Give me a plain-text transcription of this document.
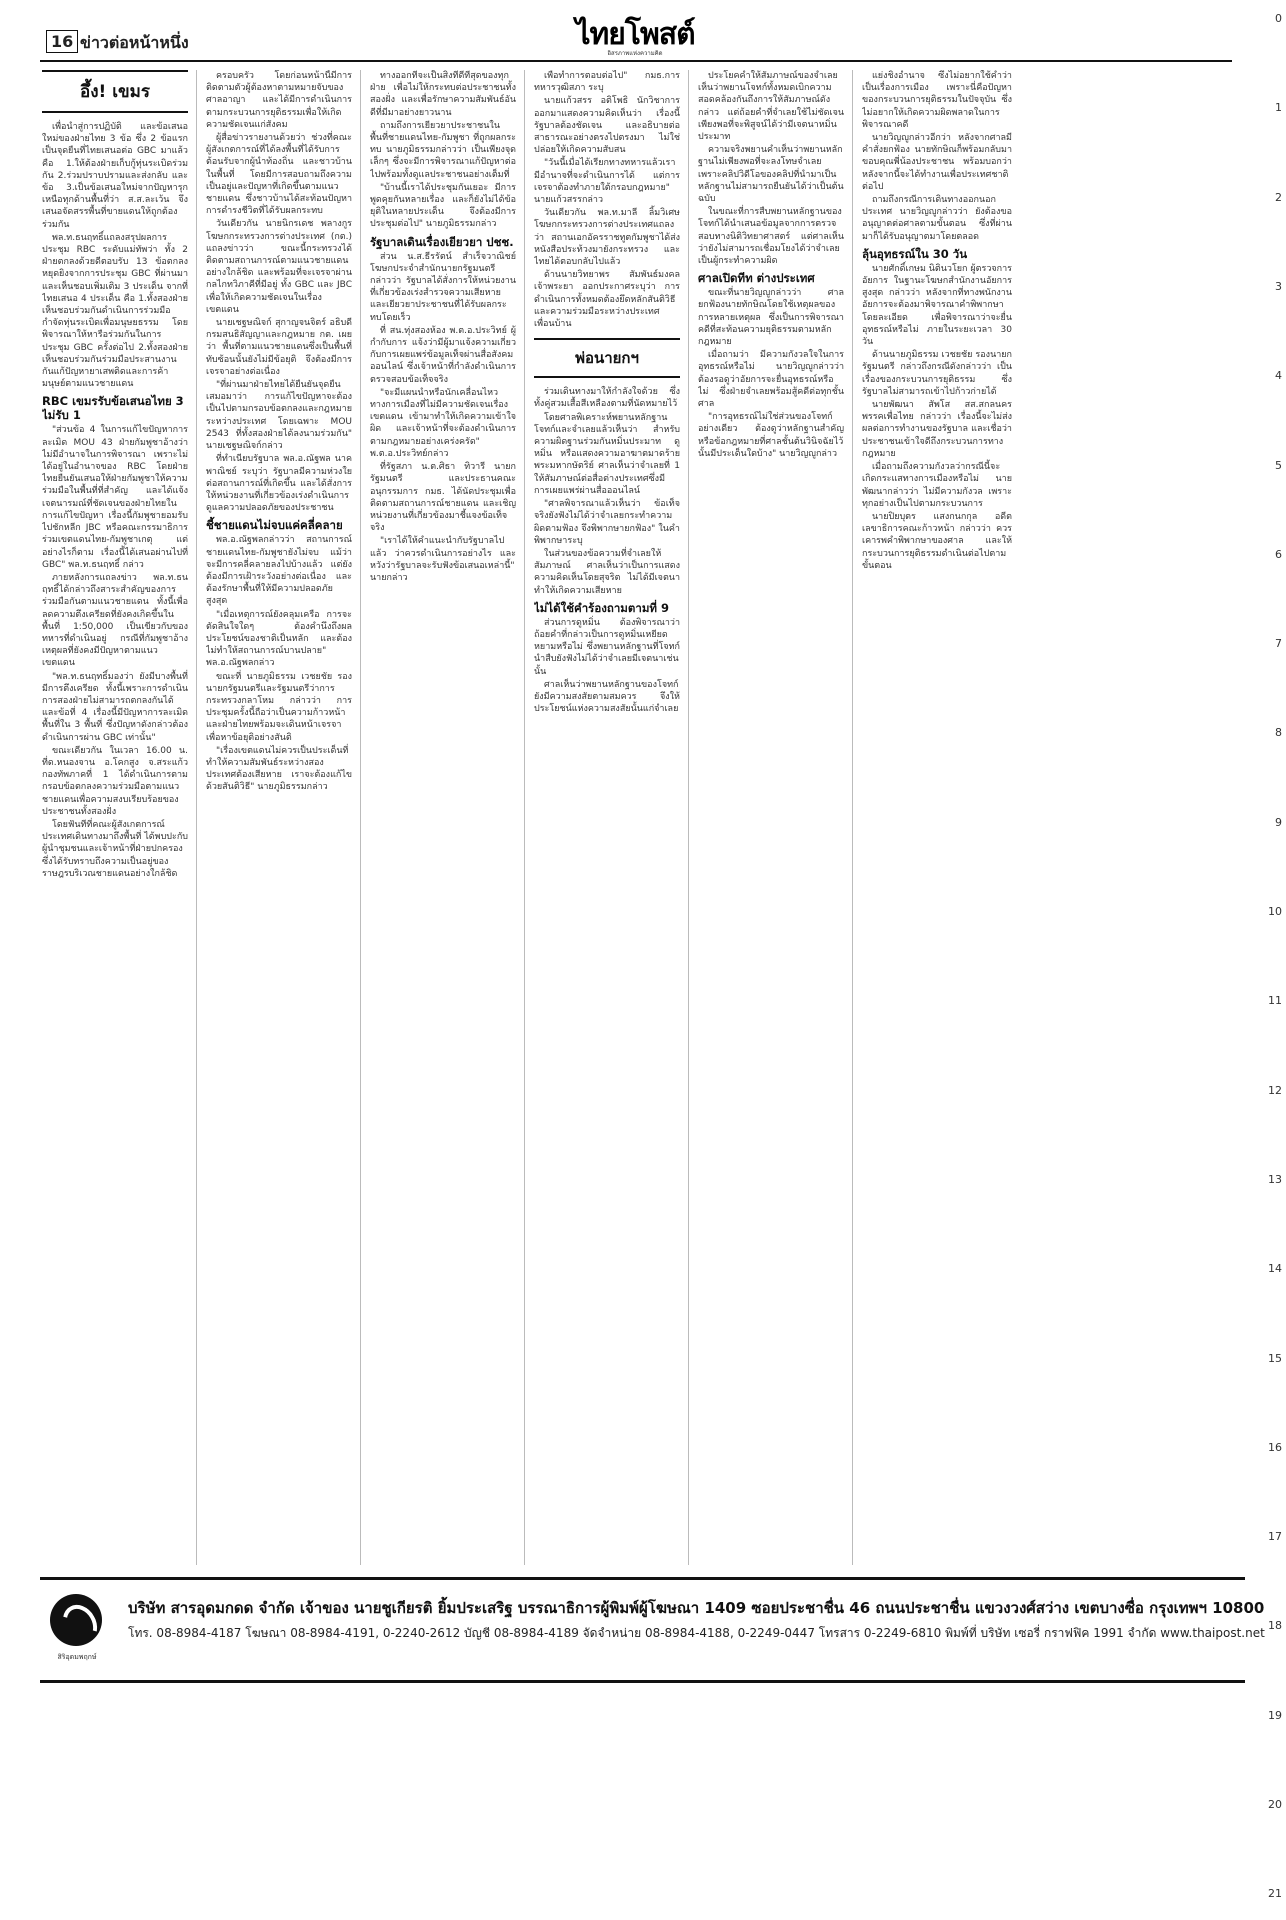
16 ข่าวต่อหน้าหนึ่ง	ไทยโพสต์
อิสรภาพแห่งความคิด
0
1
2
3
4
5
6
7
8
9
10
11
12
13
14
15
16
17
18
19
20
21
อึ้ง! เขมร

เพื่อนำสู่การปฏิบัติ และข้อเสนอใหม่ของฝ่ายไทย 3 ข้อ ซึ่ง 2 ข้อแรกเป็นจุดยืนที่ไทยเสนอต่อ GBC มาแล้ว คือ 1.ให้ต้องฝ่ายเก็บกู้ทุ่นระเบิดร่วมกัน 2.ร่วมปราบปรามและส่งกลับ และข้อ 3.เป็นข้อเสนอใหม่จากปัญหารุกเหนือทุกด้านพื้นที่ว่า ส.ส.ละเว้น จึงเสนอจัดสรรพื้นที่ขายแดนให้ถูกต้องร่วมกัน

พล.ท.ธนฤทธิ์แถลงสรุปผลการประชุม RBC ระดับแม่ทัพว่า ทั้ง 2 ฝ่ายตกลงด้วยดีตอบรับ 13 ข้อตกลงหยุดยิงจากการประชุม GBC ที่ผ่านมา และเห็นชอบเพิ่มเติม 3 ประเด็น จากที่ไทยเสนอ 4 ประเด็น คือ 1.ทั้งสองฝ่ายเห็นชอบร่วมกันดำเนินการร่วมมือกำจัดทุ่นระเบิดเพื่อมนุษยธรรม โดยพิจารณาให้หารือร่วมกันในการประชุม GBC ครั้งต่อไป 2.ทั้งสองฝ่ายเห็นชอบร่วมกันร่วมมือประสานงานกันแก้ปัญหายาเสพติดและการค้ามนุษย์ตามแนวชายแดน

RBC เขมรรับข้อเสนอไทย 3 ไม่รับ 1

"ส่วนข้อ 4 ในการแก้ไขปัญหาการละเมิด MOU 43 ฝ่ายกัมพูชาอ้างว่าไม่มีอำนาจในการพิจารณา เพราะไม่ได้อยู่ในอำนาจของ RBC โดยฝ่ายไทยยืนยันเสนอให้ฝ่ายกัมพูชาให้ความร่วมมือในพื้นที่ที่สำคัญ และได้แจ้งเจตนารมณ์ที่ชัดเจนของฝ่ายไทยในการแก้ไขปัญหา เรื่องนี้กัมพูชายอมรับไปชักหลีก JBC หรือคณะกรรมาธิการร่วมเขตแดนไทย-กัมพูชาเกตุ แต่อย่างไรก็ตาม เรื่องนี้ได้เสนอผ่านไปที่ GBC" พล.ท.ธนฤทธิ์ กล่าว

ภายหลังการแถลงข่าว พล.ท.ธนฤทธิ์ได้กล่าวถึงสาระสำคัญของการร่วมมือกันตามแนวชายแดน ทั้งนี้เพื่อลดความตึงเครียดที่ยังคงเกิดขึ้นในพื้นที่ 1:50,000 เป็นเขียวกับของทหารที่ดำเนินอยู่ กรณีที่กัมพูชาอ้างเหตุผลที่ยังคงมีปัญหาตามแนวเขตแดน

"พล.ท.ธนฤทธิ์มองว่า ยังมีบางพื้นที่มีการตึงเครียด ทั้งนี้เพราะการดำเนินการสองฝ่ายไม่สามารถตกลงกันได้ และข้อที่ 4 เรื่องนี้มีปัญหาการละเมิดพื้นที่ใน 3 พื้นที่ ซึ่งปัญหาดังกล่าวต้องดำเนินการผ่าน GBC เท่านั้น"

ขณะเดียวกัน ในเวลา 16.00 น. ที่ด.หนองจาน อ.โคกสูง จ.สระแก้ว กองทัพภาคที่ 1 ได้ดำเนินการตามกรอบข้อตกลงความร่วมมือตามแนวชายแดนเพื่อความสงบเรียบร้อยของประชาชนทั้งสองฝั่ง

โดยฟันทีที่คณะผู้สังเกตการณ์ประเทศเดินทางมาถึงพื้นที่ ได้พบปะกับผู้นำชุมชนและเจ้าหน้าที่ฝ่ายปกครอง ซึ่งได้รับทราบถึงความเป็นอยู่ของราษฎรบริเวณชายแดนอย่างใกล้ชิด

ครอบครัว โดยก่อนหน้านี้มีการติดตามตัวผู้ต้องหาตามหมายจับของศาลอาญา และได้มีการดำเนินการตามกระบวนการยุติธรรมเพื่อให้เกิดความชัดเจนแก่สังคม

ผู้สื่อข่าวรายงานด้วยว่า ช่วงที่คณะผู้สังเกตการณ์ที่ได้ลงพื้นที่ได้รับการต้อนรับจากผู้นำท้องถิ่น และชาวบ้านในพื้นที่ โดยมีการสอบถามถึงความเป็นอยู่และปัญหาที่เกิดขึ้นตามแนวชายแดน ซึ่งชาวบ้านได้สะท้อนปัญหาการดำรงชีวิตที่ได้รับผลกระทบ

วันเดียวกัน นายนิกรเดช พลางกูร โฆษกกระทรวงการต่างประเทศ (กต.) แถลงข่าวว่า ขณะนี้กระทรวงได้ติดตามสถานการณ์ตามแนวชายแดนอย่างใกล้ชิด และพร้อมที่จะเจรจาผ่านกลไกทวิภาคีที่มีอยู่ ทั้ง GBC และ JBC เพื่อให้เกิดความชัดเจนในเรื่องเขตแดน

นายเชฐษณิจก์ สุกาญจนจิตร์ อธิบดีกรมสนธิสัญญาและกฎหมาย กต. เผยว่า พื้นที่ตามแนวชายแดนซึ่งเป็นพื้นที่ทับซ้อนนั้นยังไม่มีข้อยุติ จึงต้องมีการเจรจาอย่างต่อเนื่อง

"ที่ผ่านมาฝ่ายไทยได้ยืนยันจุดยืนเสมอมาว่า การแก้ไขปัญหาจะต้องเป็นไปตามกรอบข้อตกลงและกฎหมายระหว่างประเทศ โดยเฉพาะ MOU 2543 ที่ทั้งสองฝ่ายได้ลงนามร่วมกัน" นายเชฐษณิจก์กล่าว

ที่ทำเนียบรัฐบาล พล.อ.ณัฐพล นาคพาณิชย์ ระบุว่า รัฐบาลมีความห่วงใยต่อสถานการณ์ที่เกิดขึ้น และได้สั่งการให้หน่วยงานที่เกี่ยวข้องเร่งดำเนินการดูแลความปลอดภัยของประชาชน

ชี้ชายแดนไม่จบแค่คลี่คลาย

พล.อ.ณัฐพลกล่าวว่า สถานการณ์ชายแดนไทย-กัมพูชายังไม่จบ แม้ว่าจะมีการคลี่คลายลงไปบ้างแล้ว แต่ยังต้องมีการเฝ้าระวังอย่างต่อเนื่อง และต้องรักษาพื้นที่ให้มีความปลอดภัยสูงสุด

"เมื่อเหตุการณ์ยังคลุมเครือ การจะตัดสินใจใดๆ ต้องคำนึงถึงผลประโยชน์ของชาติเป็นหลัก และต้องไม่ทำให้สถานการณ์บานปลาย" พล.อ.ณัฐพลกล่าว

ขณะที่ นายภูมิธรรม เวชยชัย รองนายกรัฐมนตรีและรัฐมนตรีว่าการกระทรวงกลาโหม กล่าวว่า การประชุมครั้งนี้ถือว่าเป็นความก้าวหน้า และฝ่ายไทยพร้อมจะเดินหน้าเจรจาเพื่อหาข้อยุติอย่างสันติ

"เรื่องเขตแดนไม่ควรเป็นประเด็นที่ทำให้ความสัมพันธ์ระหว่างสองประเทศต้องเสียหาย เราจะต้องแก้ไขด้วยสันติวิธี" นายภูมิธรรมกล่าว

ทางออกที่จะเป็นสิ่งที่ดีที่สุดของทุกฝ่าย เพื่อไม่ให้กระทบต่อประชาชนทั้งสองฝั่ง และเพื่อรักษาความสัมพันธ์อันดีที่มีมาอย่างยาวนาน

ถามถึงการเยียวยาประชาชนในพื้นที่ชายแดนไทย-กัมพูชา ที่ถูกผลกระทบ นายภูมิธรรมกล่าวว่า เป็นเพียงจุดเล็กๆ ซึ่งจะมีการพิจารณาแก้ปัญหาต่อไปพร้อมทั้งดูแลประชาชนอย่างเต็มที่

"บ้านนี้เราได้ประชุมกันเยอะ มีการพูดคุยกันหลายเรื่อง และก็ยังไม่ได้ข้อยุติในหลายประเด็น จึงต้องมีการประชุมต่อไป" นายภูมิธรรมกล่าว

รัฐบาลเดินเรื่องเยียวยา ปชช.

ส่วน น.ส.ธีรรัตน์ สำเร็จวาณิชย์ โฆษกประจำสำนักนายกรัฐมนตรี กล่าวว่า รัฐบาลได้สั่งการให้หน่วยงานที่เกี่ยวข้องเร่งสำรวจความเสียหายและเยียวยาประชาชนที่ได้รับผลกระทบโดยเร็ว

ที่ สน.ทุ่งสองห้อง พ.ต.อ.ประวิทย์ ผู้กำกับการ แจ้งว่ามีผู้มาแจ้งความเกี่ยวกับการเผยแพร่ข้อมูลเท็จผ่านสื่อสังคมออนไลน์ ซึ่งเจ้าหน้าที่กำลังดำเนินการตรวจสอบข้อเท็จจริง

"จะมีแผนนำหรือนักเคลื่อนไหว ทางการเมืองที่ไม่มีความชัดเจนเรื่องเขตแดน เข้ามาทำให้เกิดความเข้าใจผิด และเจ้าหน้าที่จะต้องดำเนินการตามกฎหมายอย่างเคร่งครัด" พ.ต.อ.ประวิทย์กล่าว

ที่รัฐสภา น.ต.ศิธา ทิวารี นายกรัฐมนตรี และประธานคณะอนุกรรมการ กมธ. ได้นัดประชุมเพื่อติดตามสถานการณ์ชายแดน และเชิญหน่วยงานที่เกี่ยวข้องมาชี้แจงข้อเท็จจริง

"เราได้ให้คำแนะนำกับรัฐบาลไปแล้ว ว่าควรดำเนินการอย่างไร และหวังว่ารัฐบาลจะรับฟังข้อเสนอเหล่านี้" นายกล่าว

เพื่อทำการตอบต่อไป" กมธ.การทหารวุฒิสภา ระบุ

นายแก้วสรร อติโพธิ นักวิชาการ ออกมาแสดงความคิดเห็นว่า เรื่องนี้รัฐบาลต้องชัดเจน และอธิบายต่อสาธารณะอย่างตรงไปตรงมา ไม่ใช่ปล่อยให้เกิดความสับสน

"วันนี้เมื่อได้เรียกทางทหารแล้วเรามีอำนาจที่จะดำเนินการได้ แต่การเจรจาต้องทำภายใต้กรอบกฎหมาย" นายแก้วสรรกล่าว

วันเดียวกัน พล.ท.มาลี ลิ้มวิเศษ โฆษกกระทรวงการต่างประเทศแถลงว่า สถานเอกอัครราชทูตกัมพูชาได้ส่งหนังสือประท้วงมายังกระทรวง และไทยได้ตอบกลับไปแล้ว

ด้านนายวิทยาพร สัมพันธ์มงคล เจ้าพระยา ออกประกาศระบุว่า การดำเนินการทั้งหมดต้องยึดหลักสันติวิธีและความร่วมมือระหว่างประเทศเพื่อนบ้าน

พ่อนายกฯ

ร่วมเดินทางมาให้กำลังใจด้วย ซึ่งทั้งคู่สวมเสื้อสีเหลืองตามที่นัดหมายไว้

โดยศาลพิเคราะห์พยานหลักฐานโจทก์และจำเลยแล้วเห็นว่า สำหรับความผิดฐานร่วมกันหมิ่นประมาท ดูหมิ่น หรือแสดงความอาฆาตมาดร้ายพระมหากษัตริย์ ศาลเห็นว่าจำเลยที่ 1 ให้สัมภาษณ์ต่อสื่อต่างประเทศซึ่งมีการเผยแพร่ผ่านสื่อออนไลน์

"ศาลพิจารณาแล้วเห็นว่า ข้อเท็จจริงยังฟังไม่ได้ว่าจำเลยกระทำความผิดตามฟ้อง จึงพิพากษายกฟ้อง" ในคำพิพากษาระบุ

ในส่วนของข้อความที่จำเลยให้สัมภาษณ์ ศาลเห็นว่าเป็นการแสดงความคิดเห็นโดยสุจริต ไม่ได้มีเจตนาทำให้เกิดความเสียหาย

ไม่ได้ใช้คำร้องถามตามที่ 9

ส่วนการดูหมิ่น ต้องพิจารณาว่าถ้อยคำที่กล่าวเป็นการดูหมิ่นเหยียดหยามหรือไม่ ซึ่งพยานหลักฐานที่โจทก์นำสืบยังฟังไม่ได้ว่าจำเลยมีเจตนาเช่นนั้น

ศาลเห็นว่าพยานหลักฐานของโจทก์ยังมีความสงสัยตามสมควร จึงให้ประโยชน์แห่งความสงสัยนั้นแก่จำเลย

ประโยคคำให้สัมภาษณ์ของจำเลย เห็นว่าพยานโจทก์ทั้งหมดเบิกความสอดคล้องกันถึงการให้สัมภาษณ์ดังกล่าว แต่ถ้อยคำที่จำเลยใช้ไม่ชัดเจนเพียงพอที่จะพิสูจน์ได้ว่ามีเจตนาหมิ่นประมาท

ความจริงพยานคำเห็นว่าพยานหลักฐานไม่เพียงพอที่จะลงโทษจำเลย เพราะคลิปวิดีโอของคลิปที่นำมาเป็นหลักฐานไม่สามารถยืนยันได้ว่าเป็นต้นฉบับ

ในขณะที่การสืบพยานหลักฐานของโจทก์ได้นำเสนอข้อมูลจากการตรวจสอบทางนิติวิทยาศาสตร์ แต่ศาลเห็นว่ายังไม่สามารถเชื่อมโยงได้ว่าจำเลยเป็นผู้กระทำความผิด

ศาลเปิดทีท ต่างประเทศ

ขณะที่นายวิญญูกล่าวว่า ศาลยกฟ้องนายทักษิณโดยใช้เหตุผลของการหลายเหตุผล ซึ่งเป็นการพิจารณาคดีที่สะท้อนความยุติธรรมตามหลักกฎหมาย

เมื่อถามว่า มีความกังวลใจในการอุทธรณ์หรือไม่ นายวิญญูกล่าวว่า ต้องรอดูว่าอัยการจะยื่นอุทธรณ์หรือไม่ ซึ่งฝ่ายจำเลยพร้อมสู้คดีต่อทุกชั้นศาล

"การอุทธรณ์ไม่ใช่ส่วนของโจทก์อย่างเดียว ต้องดูว่าหลักฐานสำคัญหรือข้อกฎหมายที่ศาลชั้นต้นวินิจฉัยไว้นั้นมีประเด็นใดบ้าง" นายวิญญูกล่าว

แย่งชิงอำนาจ ซึ่งไม่อยากใช้คำว่าเป็นเรื่องการเมือง เพราะนี่คือปัญหาของกระบวนการยุติธรรมในปัจจุบัน ซึ่งไม่อยากให้เกิดความผิดพลาดในการพิจารณาคดี

นายวิญญูกล่าวอีกว่า หลังจากศาลมีคำสั่งยกฟ้อง นายทักษิณก็พร้อมกลับมาขอบคุณพี่น้องประชาชน พร้อมบอกว่า หลังจากนี้จะได้ทำงานเพื่อประเทศชาติต่อไป

ถามถึงกรณีการเดินทางออกนอกประเทศ นายวิญญูกล่าวว่า ยังต้องขออนุญาตต่อศาลตามขั้นตอน ซึ่งที่ผ่านมาก็ได้รับอนุญาตมาโดยตลอด

ลุ้นอุทธรณ์ใน 30 วัน

นายศักดิ์เกษม นิตินวโยก ผู้ตรวจการอัยการ ในฐานะโฆษกสำนักงานอัยการสูงสุด กล่าวว่า หลังจากที่ทางพนักงานอัยการจะต้องมาพิจารณาคำพิพากษาโดยละเอียด เพื่อพิจารณาว่าจะยื่นอุทธรณ์หรือไม่ ภายในระยะเวลา 30 วัน

ด้านนายภูมิธรรม เวชยชัย รองนายกรัฐมนตรี กล่าวถึงกรณีดังกล่าวว่า เป็นเรื่องของกระบวนการยุติธรรม ซึ่งรัฐบาลไม่สามารถเข้าไปก้าวก่ายได้

นายพัฒนา สัพโส สส.สกลนคร พรรคเพื่อไทย กล่าวว่า เรื่องนี้จะไม่ส่งผลต่อการทำงานของรัฐบาล และเชื่อว่าประชาชนเข้าใจดีถึงกระบวนการทางกฎหมาย

เมื่อถามถึงความกังวลว่ากรณีนี้จะเกิดกระแสทางการเมืองหรือไม่ นายพัฒนากล่าวว่า ไม่มีความกังวล เพราะทุกอย่างเป็นไปตามกระบวนการ

นายปิยบุตร แสงกนกกุล อดีตเลขาธิการคณะก้าวหน้า กล่าวว่า ควรเคารพคำพิพากษาของศาล และให้กระบวนการยุติธรรมดำเนินต่อไปตามขั้นตอน

สิริอุดมพฤกษ์
บริษัท สารอุดมกดด จำกัด เจ้าของ นายชูเกียรติ ยิ้มประเสริฐ บรรณาธิการผู้พิมพ์ผู้โฆษณา 1409 ซอยประชาชื่น 46 ถนนประชาชื่น แขวงวงศ์สว่าง เขตบางซื่อ กรุงเทพฯ 10800
โทร. 08-8984-4187 โฆษณา 08-8984-4191, 0-2240-2612 บัญชี 08-8984-4189 จัดจำหน่าย 08-8984-4188, 0-2249-0447 โทรสาร 0-2249-6810 พิมพ์ที่ บริษัท เซอรี่ กราฟฟิค 1991 จำกัด www.thaipost.net
